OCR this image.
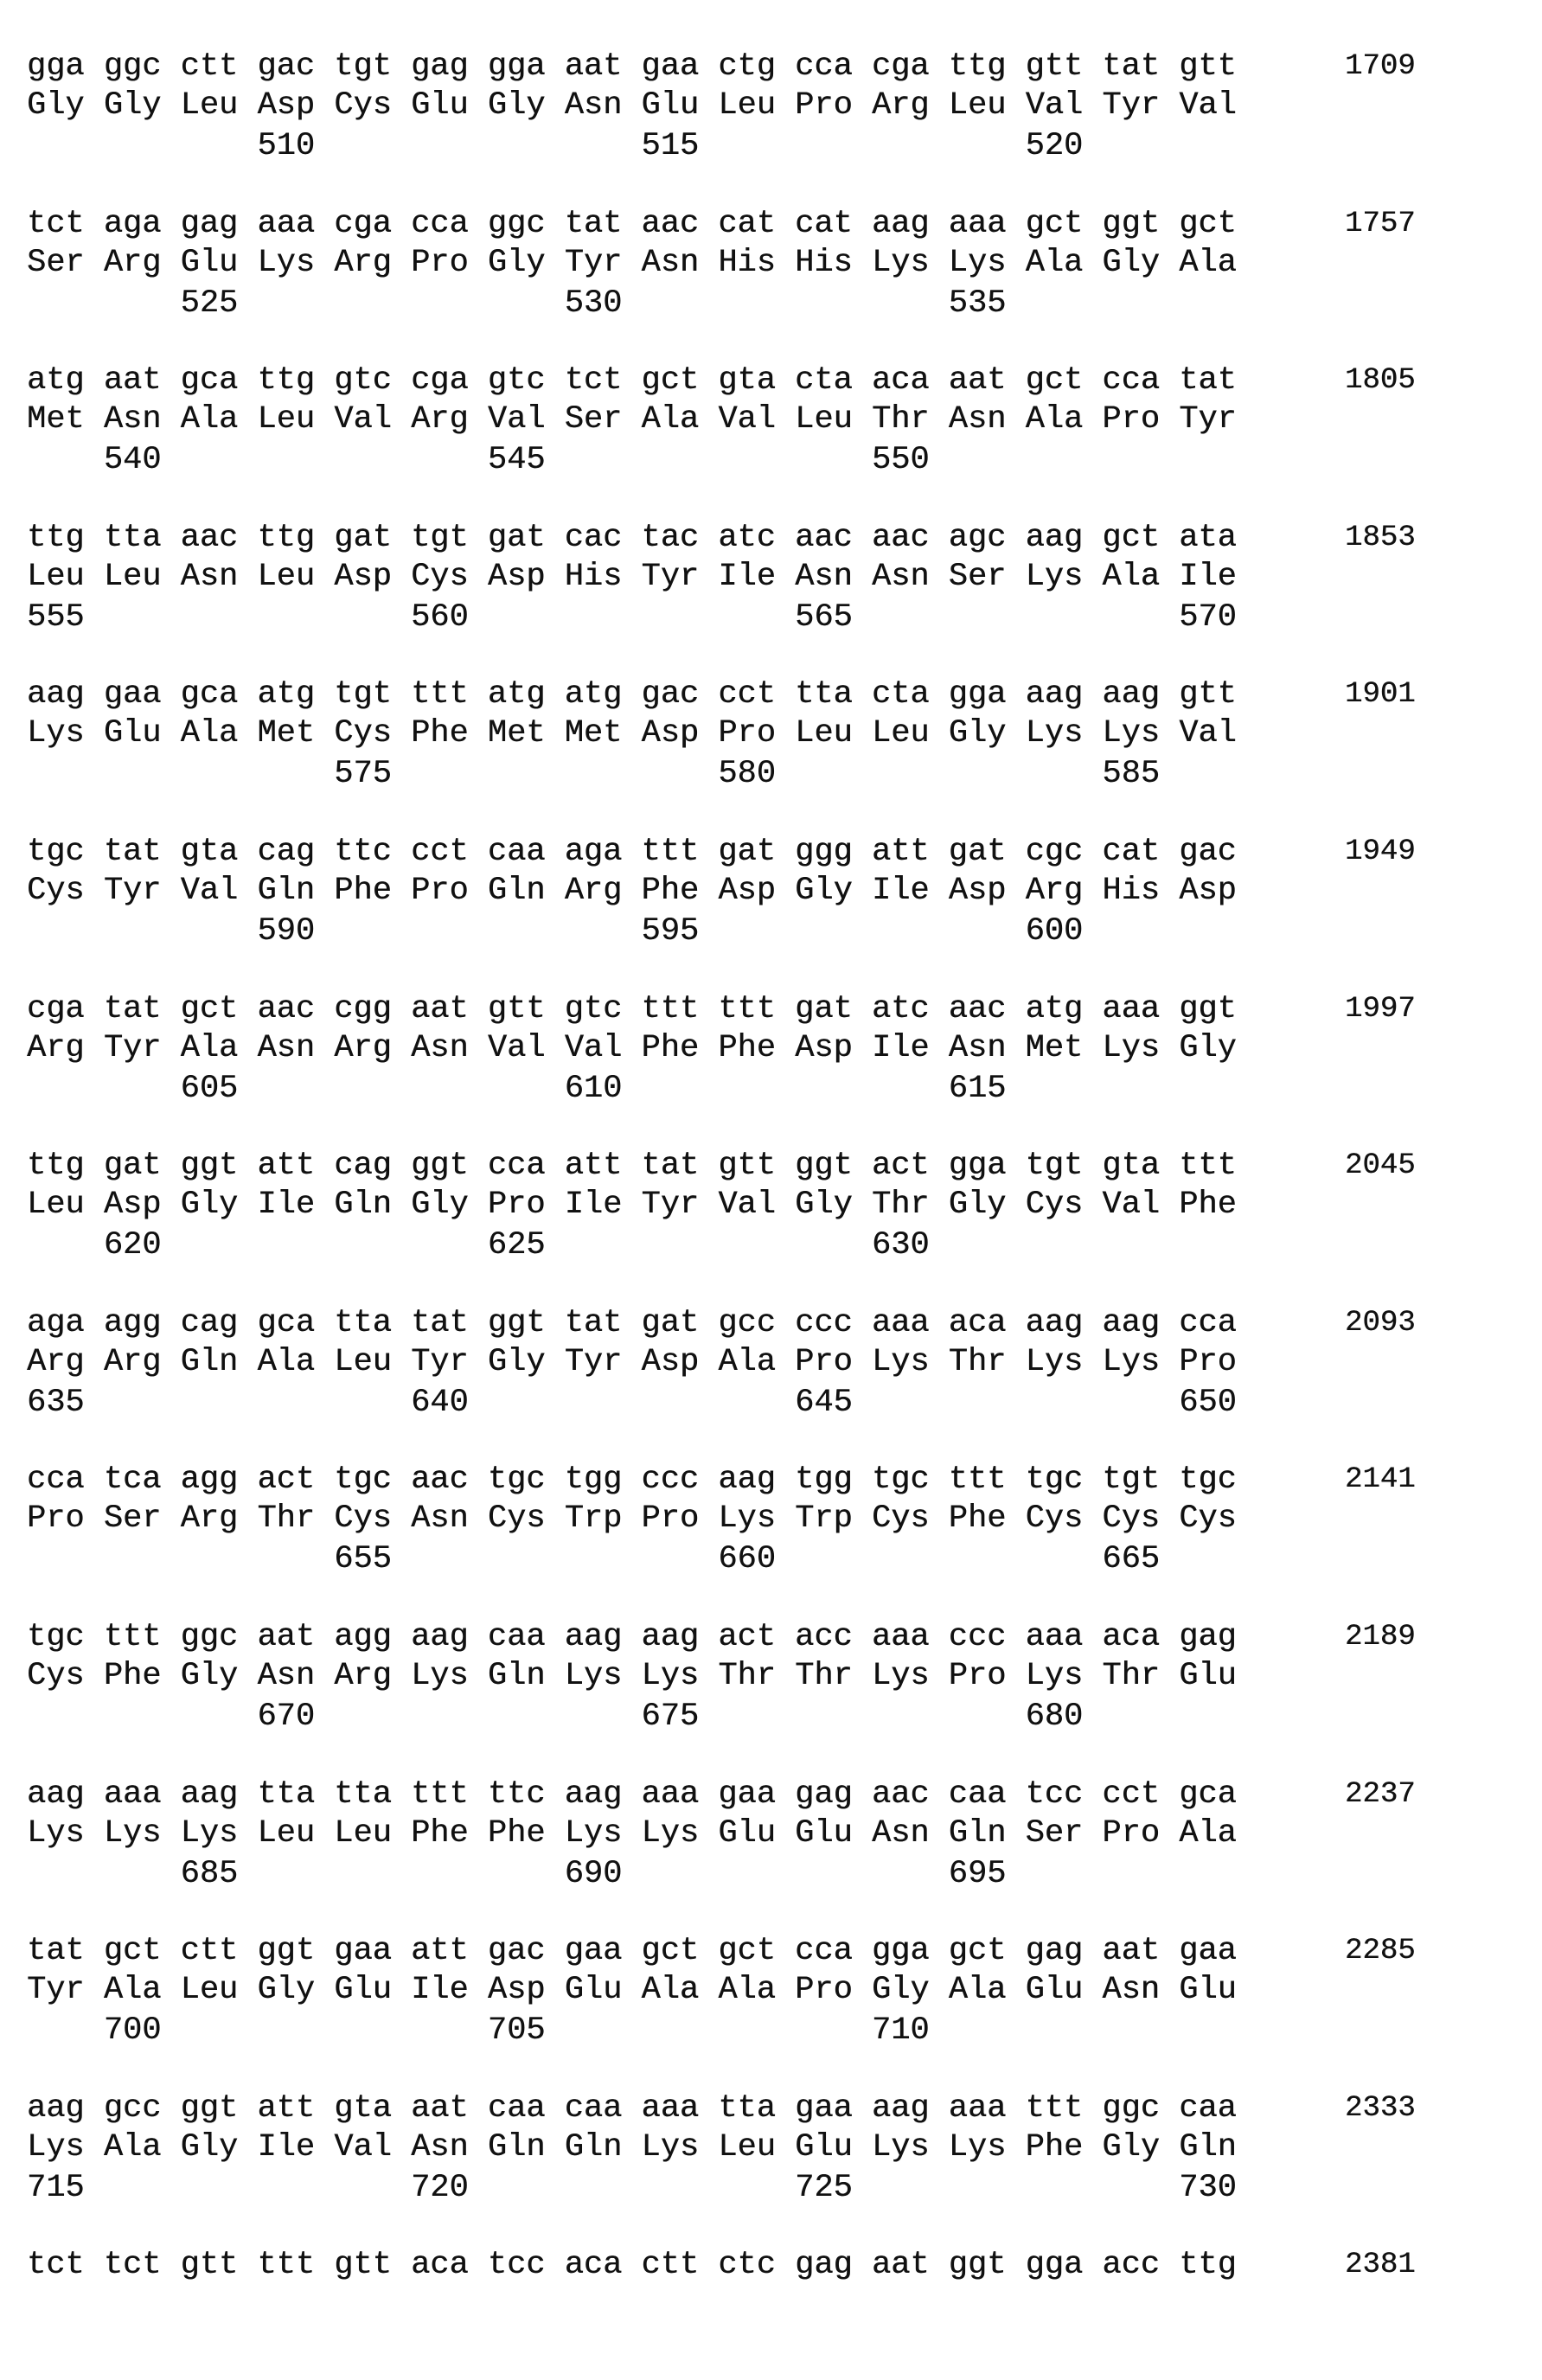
gga ggc ctt gac tgt gag gga aat gaa ctg cca cga ttg gtt tat gtt	1709
Gly Gly Leu Asp Cys Glu Gly Asn Glu Leu Pro Arg Leu Val Tyr Val
510                 515                 520
tct aga gag aaa cga cca ggc tat aac cat cat aag aaa gct ggt gct	1757
Ser Arg Glu Lys Arg Pro Gly Tyr Asn His His Lys Lys Ala Gly Ala
525                 530                 535
atg aat gca ttg gtc cga gtc tct gct gta cta aca aat gct cca tat	1805
Met Asn Ala Leu Val Arg Val Ser Ala Val Leu Thr Asn Ala Pro Tyr
540                 545                 550
ttg tta aac ttg gat tgt gat cac tac atc aac aac agc aag gct ata	1853
Leu Leu Asn Leu Asp Cys Asp His Tyr Ile Asn Asn Ser Lys Ala Ile
555                 560                 565                 570
aag gaa gca atg tgt ttt atg atg gac cct tta cta gga aag aag gtt	1901
Lys Glu Ala Met Cys Phe Met Met Asp Pro Leu Leu Gly Lys Lys Val
575                 580                 585
tgc tat gta cag ttc cct caa aga ttt gat ggg att gat cgc cat gac	1949
Cys Tyr Val Gln Phe Pro Gln Arg Phe Asp Gly Ile Asp Arg His Asp
590                 595                 600
cga tat gct aac cgg aat gtt gtc ttt ttt gat atc aac atg aaa ggt	1997
Arg Tyr Ala Asn Arg Asn Val Val Phe Phe Asp Ile Asn Met Lys Gly
605                 610                 615
ttg gat ggt att cag ggt cca att tat gtt ggt act gga tgt gta ttt	2045
Leu Asp Gly Ile Gln Gly Pro Ile Tyr Val Gly Thr Gly Cys Val Phe
620                 625                 630
aga agg cag gca tta tat ggt tat gat gcc ccc aaa aca aag aag cca	2093
Arg Arg Gln Ala Leu Tyr Gly Tyr Asp Ala Pro Lys Thr Lys Lys Pro
635                 640                 645                 650
cca tca agg act tgc aac tgc tgg ccc aag tgg tgc ttt tgc tgt tgc	2141
Pro Ser Arg Thr Cys Asn Cys Trp Pro Lys Trp Cys Phe Cys Cys Cys
655                 660                 665
tgc ttt ggc aat agg aag caa aag aag act acc aaa ccc aaa aca gag	2189
Cys Phe Gly Asn Arg Lys Gln Lys Lys Thr Thr Lys Pro Lys Thr Glu
670                 675                 680
aag aaa aag tta tta ttt ttc aag aaa gaa gag aac caa tcc cct gca	2237
Lys Lys Lys Leu Leu Phe Phe Lys Lys Glu Glu Asn Gln Ser Pro Ala
685                 690                 695
tat gct ctt ggt gaa att gac gaa gct gct cca gga gct gag aat gaa	2285
Tyr Ala Leu Gly Glu Ile Asp Glu Ala Ala Pro Gly Ala Glu Asn Glu
700                 705                 710
aag gcc ggt att gta aat caa caa aaa tta gaa aag aaa ttt ggc caa	2333
Lys Ala Gly Ile Val Asn Gln Gln Lys Leu Glu Lys Lys Phe Gly Gln
715                 720                 725                 730
tct tct gtt ttt gtt aca tcc aca ctt ctc gag aat ggt gga acc ttg	2381
